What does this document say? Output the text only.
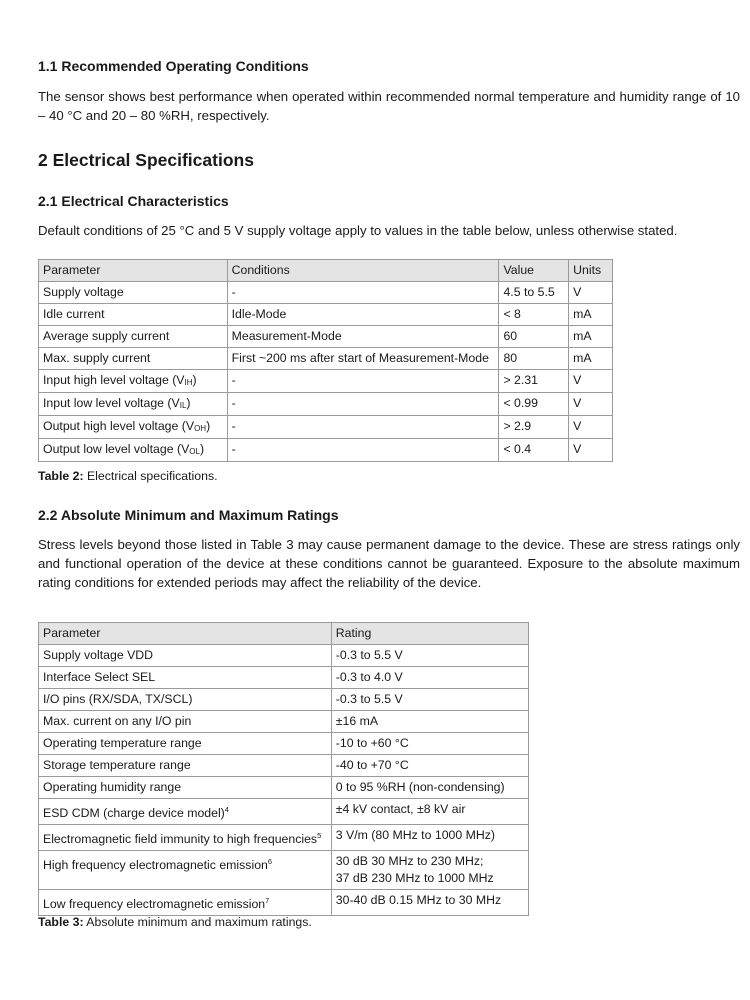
1.1 Recommended Operating Conditions

The sensor shows best performance when operated within recommended normal temperature and humidity range of 10 – 40 °C and 20 – 80 %RH, respectively.

2 Electrical Specifications
2.1 Electrical Characteristics

Default conditions of 25 °C and 5 V supply voltage apply to values in the table below, unless otherwise stated.

Parameter	Conditions	Value	Units
Supply voltage	-	4.5 to 5.5	V
Idle current	Idle-Mode	< 8	mA
Average supply current	Measurement-Mode	60	mA
Max. supply current	First ~200 ms after start of Measurement-Mode	80	mA
Input high level voltage (VIH)	-	> 2.31	V
Input low level voltage (VIL)	-	< 0.99	V
Output high level voltage (VOH)	-	> 2.9	V
Output low level voltage (VOL)	-	< 0.4	V
Table 2: Electrical specifications.
2.2 Absolute Minimum and Maximum Ratings

Stress levels beyond those listed in Table 3 may cause permanent damage to the device. These are stress ratings only and functional operation of the device at these conditions cannot be guaranteed. Exposure to the absolute maximum rating conditions for extended periods may affect the reliability of the device.

Parameter	Rating
Supply voltage VDD	-0.3 to 5.5 V
Interface Select SEL	-0.3 to 4.0 V
I/O pins (RX/SDA, TX/SCL)	-0.3 to 5.5 V
Max. current on any I/O pin	±16 mA
Operating temperature range	-10 to +60 °C
Storage temperature range	-40 to +70 °C
Operating humidity range	0 to 95 %RH (non-condensing)
ESD CDM (charge device model)$^4$	±4 kV contact, ±8 kV air
Electromagnetic field immunity to high frequencies$^5$	3 V/m (80 MHz to 1000 MHz)
High frequency electromagnetic emission$^6$	30 dB 30 MHz to 230 MHz;
37 dB 230 MHz to 1000 MHz
Low frequency electromagnetic emission$^7$	30-40 dB 0.15 MHz to 30 MHz
Table 3: Absolute minimum and maximum ratings.
